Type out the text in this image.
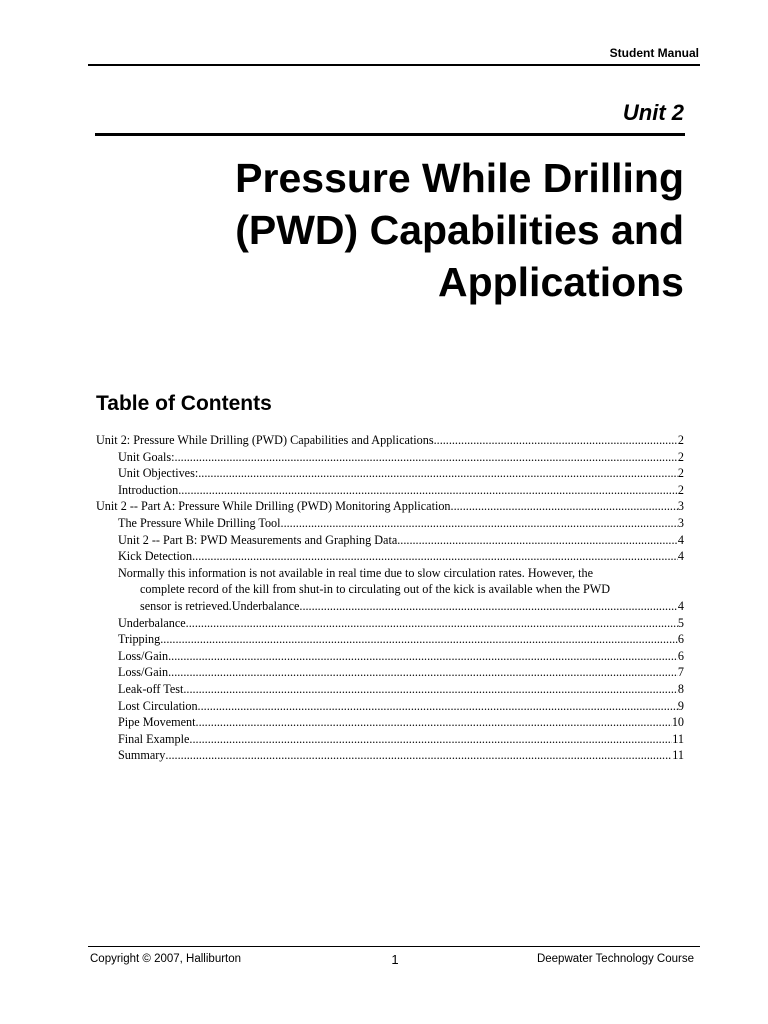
Student Manual
Unit 2
Pressure While Drilling
(PWD) Capabilities and
Applications
Table of Contents
Unit 2: Pressure While Drilling (PWD) Capabilities and Applications .....	2
Unit Goals: .....	2
Unit Objectives: .....	2
Introduction .....	2
Unit 2 -- Part A: Pressure While Drilling (PWD) Monitoring Application .....	3
The Pressure While Drilling Tool .....	3
Unit 2 -- Part B: PWD Measurements and Graphing Data .....	4
Kick Detection .....	4
Normally this information is not available in real time due to slow circulation rates. However, the
complete record of the kill from shut-in to circulating out of the kick is available when the PWD
sensor is retrieved.Underbalance .....	4
Underbalance .....	5
Tripping .....	6
Loss/Gain .....	6
Loss/Gain .....	7
Leak-off Test .....	8
Lost Circulation .....	9
Pipe Movement .....	10
Final Example .....	11
Summary .....	11
Copyright © 2007, Halliburton	1	Deepwater Technology Course
